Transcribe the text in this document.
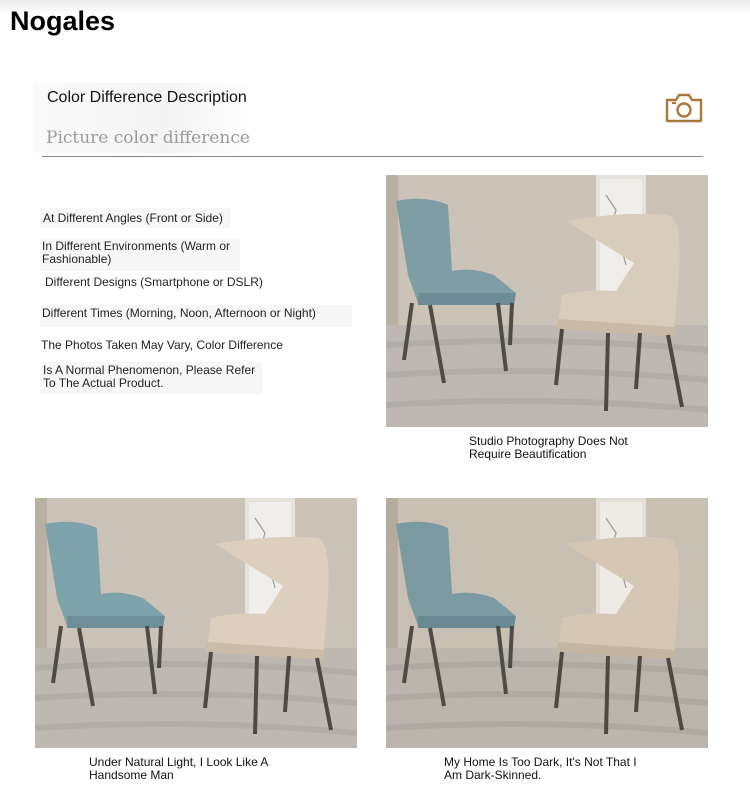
Nogales
Color Difference Description
Picture color difference
At Different Angles (Front or Side)
In Different Environments (Warm or
Fashionable)
Different Designs (Smartphone or DSLR)
Different Times (Morning, Noon, Afternoon or Night)
The Photos Taken May Vary, Color Difference
Is A Normal Phenomenon, Please Refer
To The Actual Product.
Studio Photography Does Not
Require Beautification
Under Natural Light, I Look Like A
Handsome Man
My Home Is Too Dark, It's Not That I
Am Dark-Skinned.
